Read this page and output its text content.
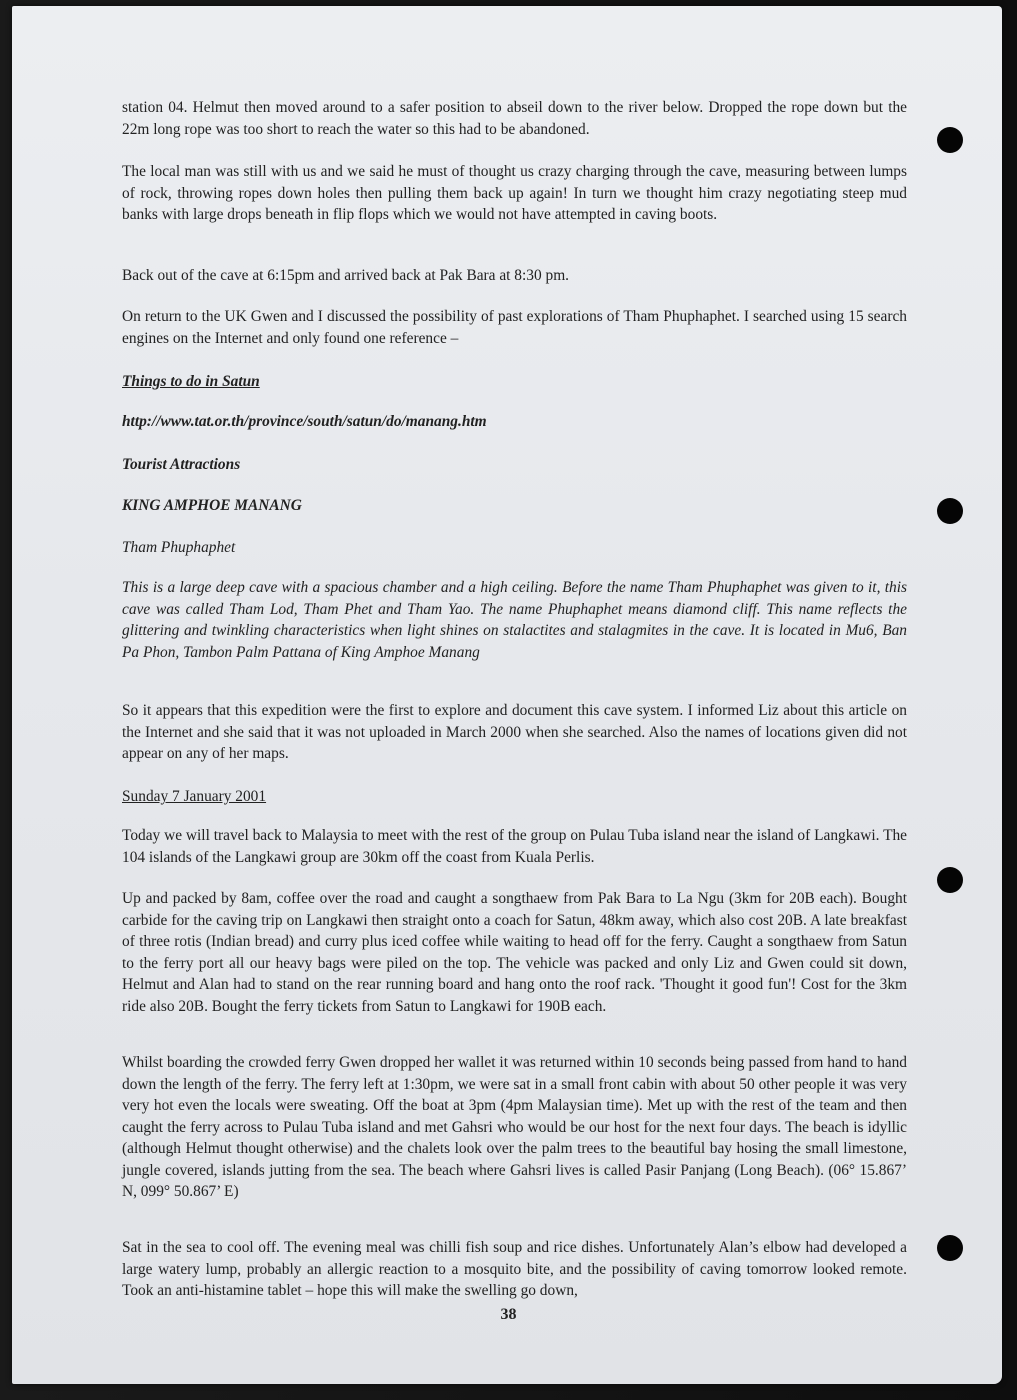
station 04. Helmut then moved around to a safer position to abseil down to the river below. Dropped the rope down but the 22m long rope was too short to reach the water so this had to be abandoned.

The local man was still with us and we said he must of thought us crazy charging through the cave, measuring between lumps of rock, throwing ropes down holes then pulling them back up again! In turn we thought him crazy negotiating steep mud banks with large drops beneath in flip flops which we would not have attempted in caving boots.

Back out of the cave at 6:15pm and arrived back at Pak Bara at 8:30 pm.

On return to the UK Gwen and I discussed the possibility of past explorations of Tham Phuphaphet. I searched using 15 search engines on the Internet and only found one reference –

Things to do in Satun

http://www.tat.or.th/province/south/satun/do/manang.htm

Tourist Attractions

KING AMPHOE MANANG

Tham Phuphaphet

This is a large deep cave with a spacious chamber and a high ceiling. Before the name Tham Phuphaphet was given to it, this cave was called Tham Lod, Tham Phet and Tham Yao. The name Phuphaphet means diamond cliff. This name reflects the glittering and twinkling characteristics when light shines on stalactites and stalagmites in the cave. It is located in Mu6, Ban Pa Phon, Tambon Palm Pattana of King Amphoe Manang

So it appears that this expedition were the first to explore and document this cave system. I informed Liz about this article on the Internet and she said that it was not uploaded in March 2000 when she searched. Also the names of locations given did not appear on any of her maps.

Sunday 7 January 2001

Today we will travel back to Malaysia to meet with the rest of the group on Pulau Tuba island near the island of Langkawi. The 104 islands of the Langkawi group are 30km off the coast from Kuala Perlis.

Up and packed by 8am, coffee over the road and caught a songthaew from Pak Bara to La Ngu (3km for 20B each). Bought carbide for the caving trip on Langkawi then straight onto a coach for Satun, 48km away, which also cost 20B. A late breakfast of three rotis (Indian bread) and curry plus iced coffee while waiting to head off for the ferry. Caught a songthaew from Satun to the ferry port all our heavy bags were piled on the top. The vehicle was packed and only Liz and Gwen could sit down, Helmut and Alan had to stand on the rear running board and hang onto the roof rack. 'Thought it good fun'! Cost for the 3km ride also 20B. Bought the ferry tickets from Satun to Langkawi for 190B each.

Whilst boarding the crowded ferry Gwen dropped her wallet it was returned within 10 seconds being passed from hand to hand down the length of the ferry. The ferry left at 1:30pm, we were sat in a small front cabin with about 50 other people it was very very hot even the locals were sweating. Off the boat at 3pm (4pm Malaysian time). Met up with the rest of the team and then caught the ferry across to Pulau Tuba island and met Gahsri who would be our host for the next four days. The beach is idyllic (although Helmut thought otherwise) and the chalets look over the palm trees to the beautiful bay hosing the small limestone, jungle covered, islands jutting from the sea. The beach where Gahsri lives is called Pasir Panjang (Long Beach). (06° 15.867’ N, 099° 50.867’ E)

Sat in the sea to cool off. The evening meal was chilli fish soup and rice dishes. Unfortunately Alan’s elbow had developed a large watery lump, probably an allergic reaction to a mosquito bite, and the possibility of caving tomorrow looked remote. Took an anti-histamine tablet – hope this will make the swelling go down,

38
